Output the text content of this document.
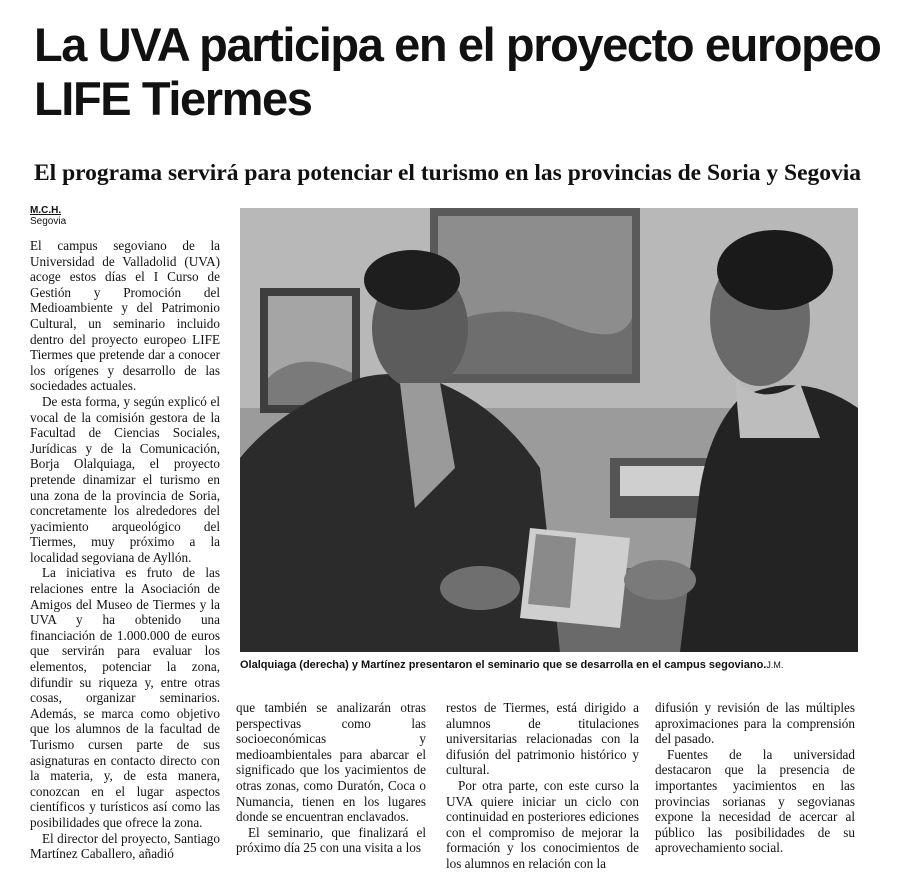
La UVA participa en el proyecto europeo LIFE Tiermes
El programa servirá para potenciar el turismo en las provincias de Soria y Segovia
M.C.H.
Segovia

El campus segoviano de la Universidad de Valladolid (UVA) acoge estos días el I Curso de Gestión y Promoción del Medioambiente y del Patrimonio Cultural, un seminario incluido dentro del proyecto europeo LIFE Tiermes que pretende dar a conocer los orígenes y desarrollo de las sociedades actuales.

De esta forma, y según explicó el vocal de la comisión gestora de la Facultad de Ciencias Sociales, Jurídicas y de la Comunicación, Borja Olalquiaga, el proyecto pretende dinamizar el turismo en una zona de la provincia de Soria, concretamente los alrededores del yacimiento arqueológico del Tiermes, muy próximo a la localidad segoviana de Ayllón.

La iniciativa es fruto de las relaciones entre la Asociación de Amigos del Museo de Tiermes y la UVA y ha obtenido una financiación de 1.000.000 de euros que servirán para evaluar los elementos, potenciar la zona, difundir su riqueza y, entre otras cosas, organizar seminarios. Además, se marca como objetivo que los alumnos de la facultad de Turismo cursen parte de sus asignaturas en contacto directo con la materia, y, de esta manera, conozcan en el lugar aspectos científicos y turísticos así como las posibilidades que ofrece la zona.

El director del proyecto, Santiago Martínez Caballero, añadió

Olalquiaga (derecha) y Martínez presentaron el seminario que se desarrolla en el campus segoviano.J.M.

que también se analizarán otras perspectivas como las socioeconómicas y medioambientales para abarcar el significado que los yacimientos de otras zonas, como Duratón, Coca o Numancia, tienen en los lugares donde se encuentran enclavados.

El seminario, que finalizará el próximo día 25 con una visita a los

restos de Tiermes, está dirigido a alumnos de titulaciones universitarias relacionadas con la difusión del patrimonio histórico y cultural.

Por otra parte, con este curso la UVA quiere iniciar un ciclo con continuidad en posteriores ediciones con el compromiso de mejorar la formación y los conocimientos de los alumnos en relación con la

difusión y revisión de las múltiples aproximaciones para la comprensión del pasado.

Fuentes de la universidad destacaron que la presencia de importantes yacimientos en las provincias sorianas y segovianas expone la necesidad de acercar al público las posibilidades de su aprovechamiento social.
